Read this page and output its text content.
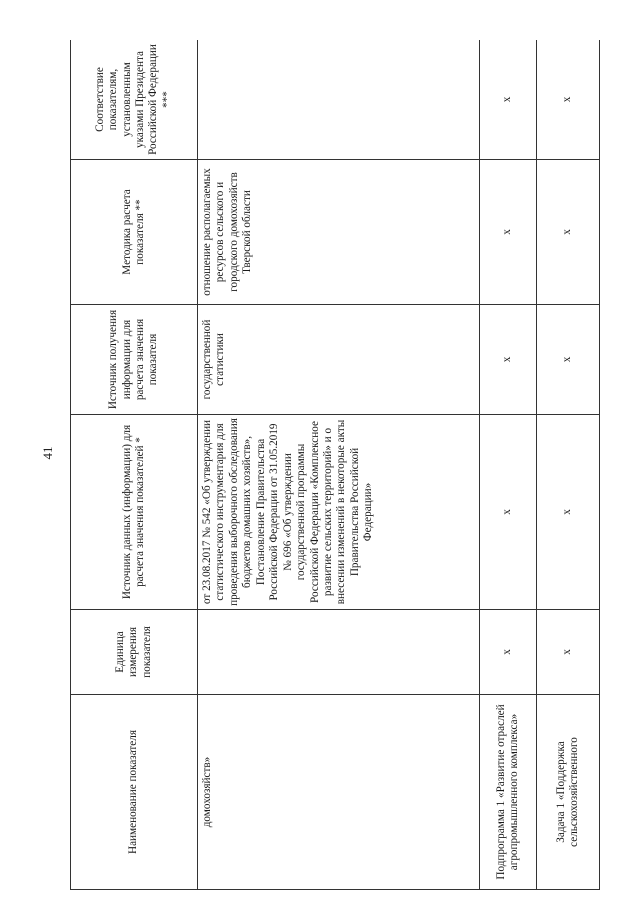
41
Наименование показателя	Единица измерения показателя	Источник данных (информации) для расчета значения показателей *	Источник получения информации для расчета значения показателя	Методика расчета показателя **	Соответствие показателям, установленным указами Президента Российской Федерации ***

домохозяйств»		от 23.08.2017 № 542 «Об утверждении статистического инструментария для проведения выборочного обследования бюджетов домашних хозяйств», Постановление Правительства Российской Федерации от 31.05.2019 № 696 «Об утверждении государственной программы Российской Федерации «Комплексное развитие сельских территорий» и о внесении изменений в некоторые акты Правительства Российской Федерации»	государственной статистики	отношение располагаемых ресурсов сельского и городского домохозяйств Тверской области	

Подпрограмма 1 «Развитие отраслей агропромышленного комплекса»	х	х	х	х	х

Задача 1 «Поддержка сельскохозяйственного	х	х	х	х	х
